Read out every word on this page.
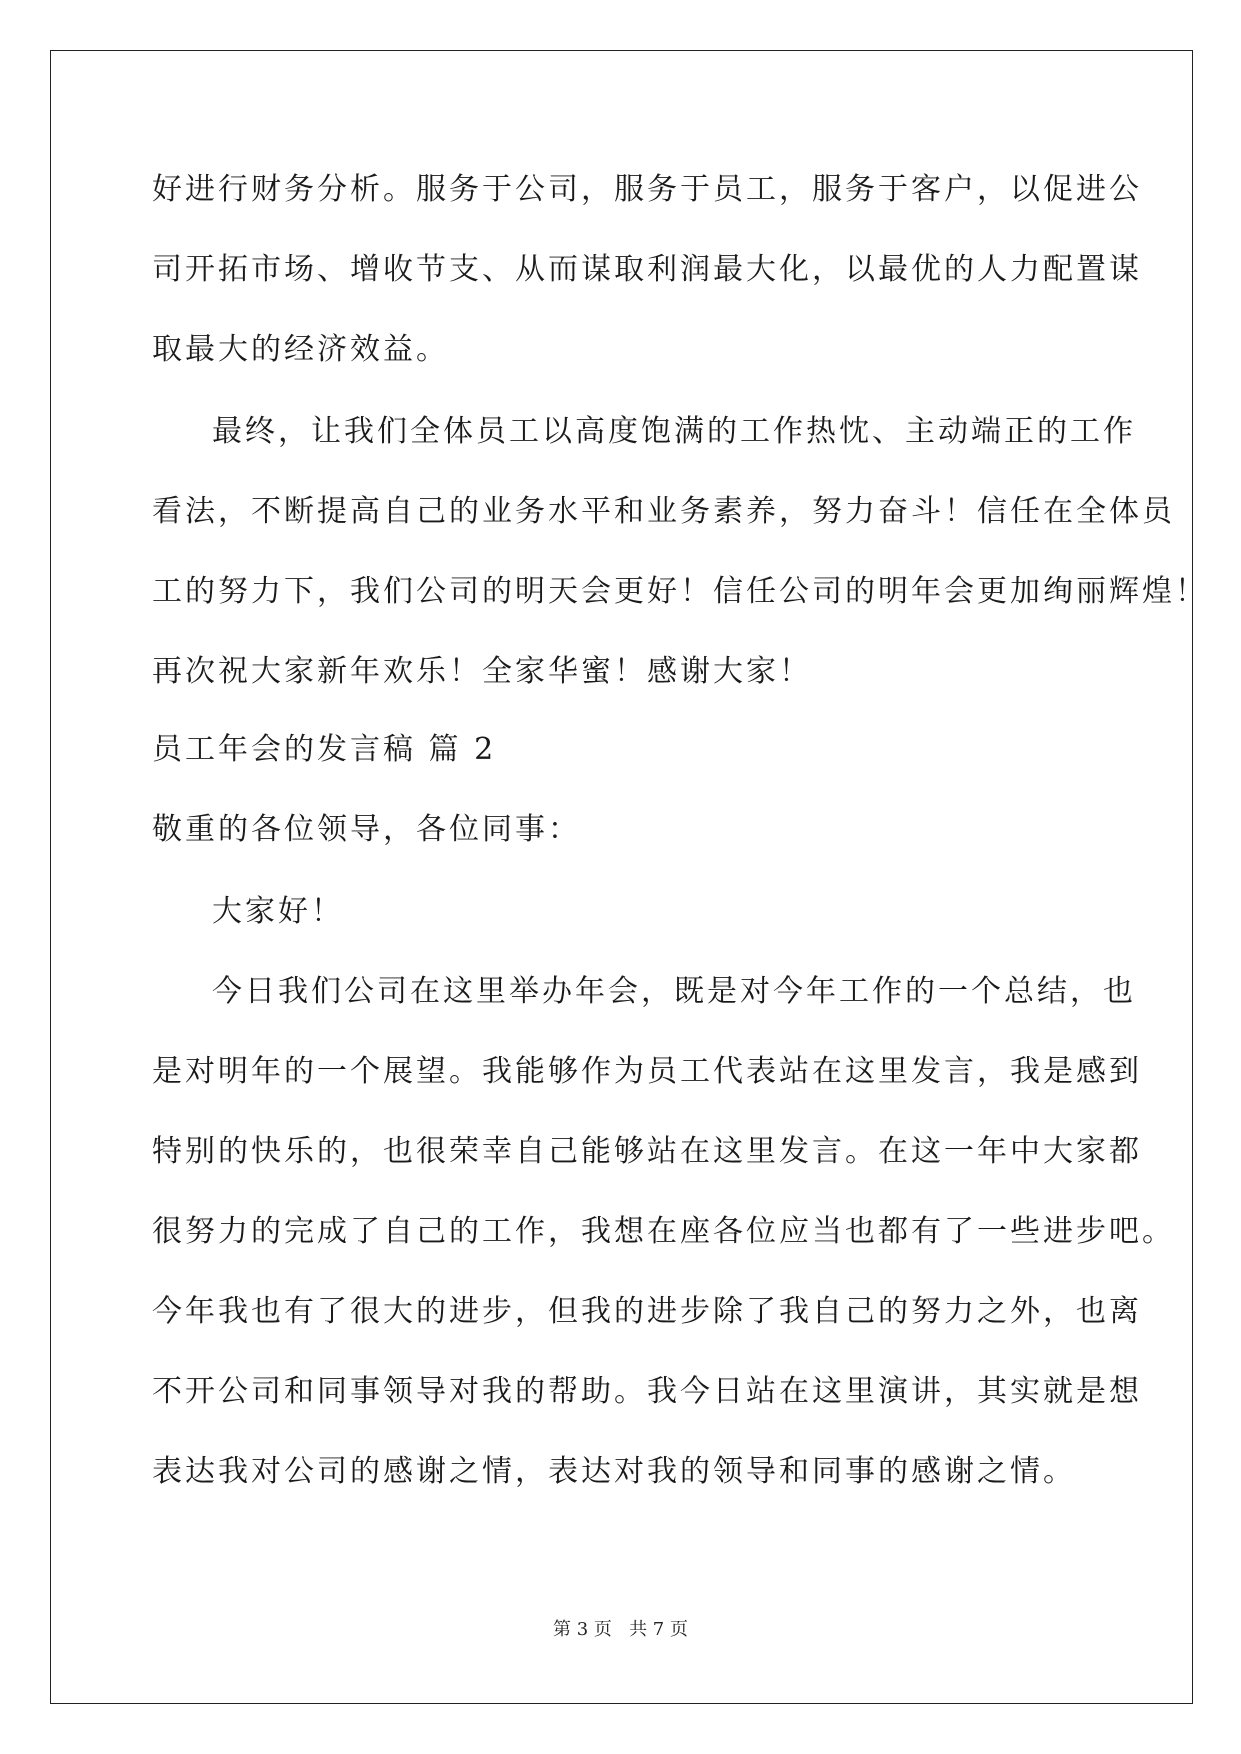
好进行财务分析。服务于公司，服务于员工，服务于客户，以促进公
司开拓市场、增收节支、从而谋取利润最大化，以最优的人力配置谋
取最大的经济效益。
最终，让我们全体员工以高度饱满的工作热忱、主动端正的工作
看法，不断提高自己的业务水平和业务素养，努力奋斗！信任在全体员
工的努力下，我们公司的明天会更好！信任公司的明年会更加绚丽辉煌！
再次祝大家新年欢乐！全家华蜜！感谢大家！
员工年会的发言稿 篇 2
敬重的各位领导，各位同事：
大家好！
今日我们公司在这里举办年会，既是对今年工作的一个总结，也
是对明年的一个展望。我能够作为员工代表站在这里发言，我是感到
特别的快乐的，也很荣幸自己能够站在这里发言。在这一年中大家都
很努力的完成了自己的工作，我想在座各位应当也都有了一些进步吧。
今年我也有了很大的进步，但我的进步除了我自己的努力之外，也离
不开公司和同事领导对我的帮助。我今日站在这里演讲，其实就是想
表达我对公司的感谢之情，表达对我的领导和同事的感谢之情。
第 3 页   共 7 页
